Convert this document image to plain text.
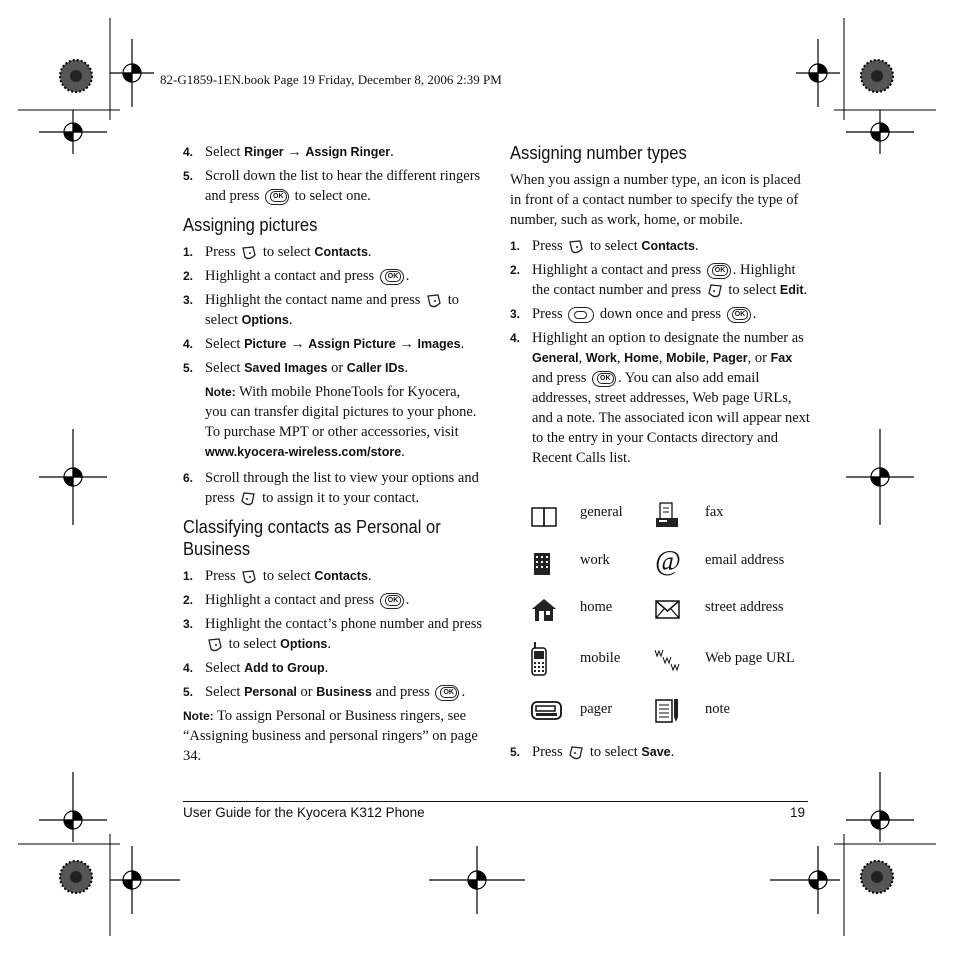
82-G1859-1EN.book Page 19 Friday, December 8, 2006 2:39 PM
4. Select Ringer → Assign Ringer.
5. Scroll down the list to hear the different ringers and press OK to select one.
Assigning pictures
1. Press  to select Contacts.
2. Highlight a contact and press OK.
3. Highlight the contact name and press  to select Options.
4. Select Picture → Assign Picture → Images.
5. Select Saved Images or Caller IDs.
Note: With mobile PhoneTools for Kyocera, you can transfer digital pictures to your phone. To purchase MPT or other accessories, visit www.kyocera-wireless.com/store.
6. Scroll through the list to view your options and press  to assign it to your contact.
Classifying contacts as Personal or Business
1. Press  to select Contacts.
2. Highlight a contact and press OK.
3. Highlight the contact’s phone number and press  to select Options.
4. Select Add to Group.
5. Select Personal or Business and press OK.
Note: To assign Personal or Business ringers, see “Assigning business and personal ringers” on page 34.
Assigning number types
When you assign a number type, an icon is placed in front of a contact number to specify the type of number, such as work, home, or mobile.
1. Press  to select Contacts.
2. Highlight a contact and press OK. Highlight the contact number and press  to select Edit.
3. Press  down once and press OK.
4. Highlight an option to designate the number as General, Work, Home, Mobile, Pager, or Fax and press OK. You can also add email addresses, street addresses, Web page URLs, and a note. The associated icon will appear next to the entry in your Contacts directory and Recent Calls list.
general	fax
work @ email address
home	street address
mobile	Web page URL
pager	note
5. Press  to select Save.
User Guide for the Kyocera K312 Phone	19
